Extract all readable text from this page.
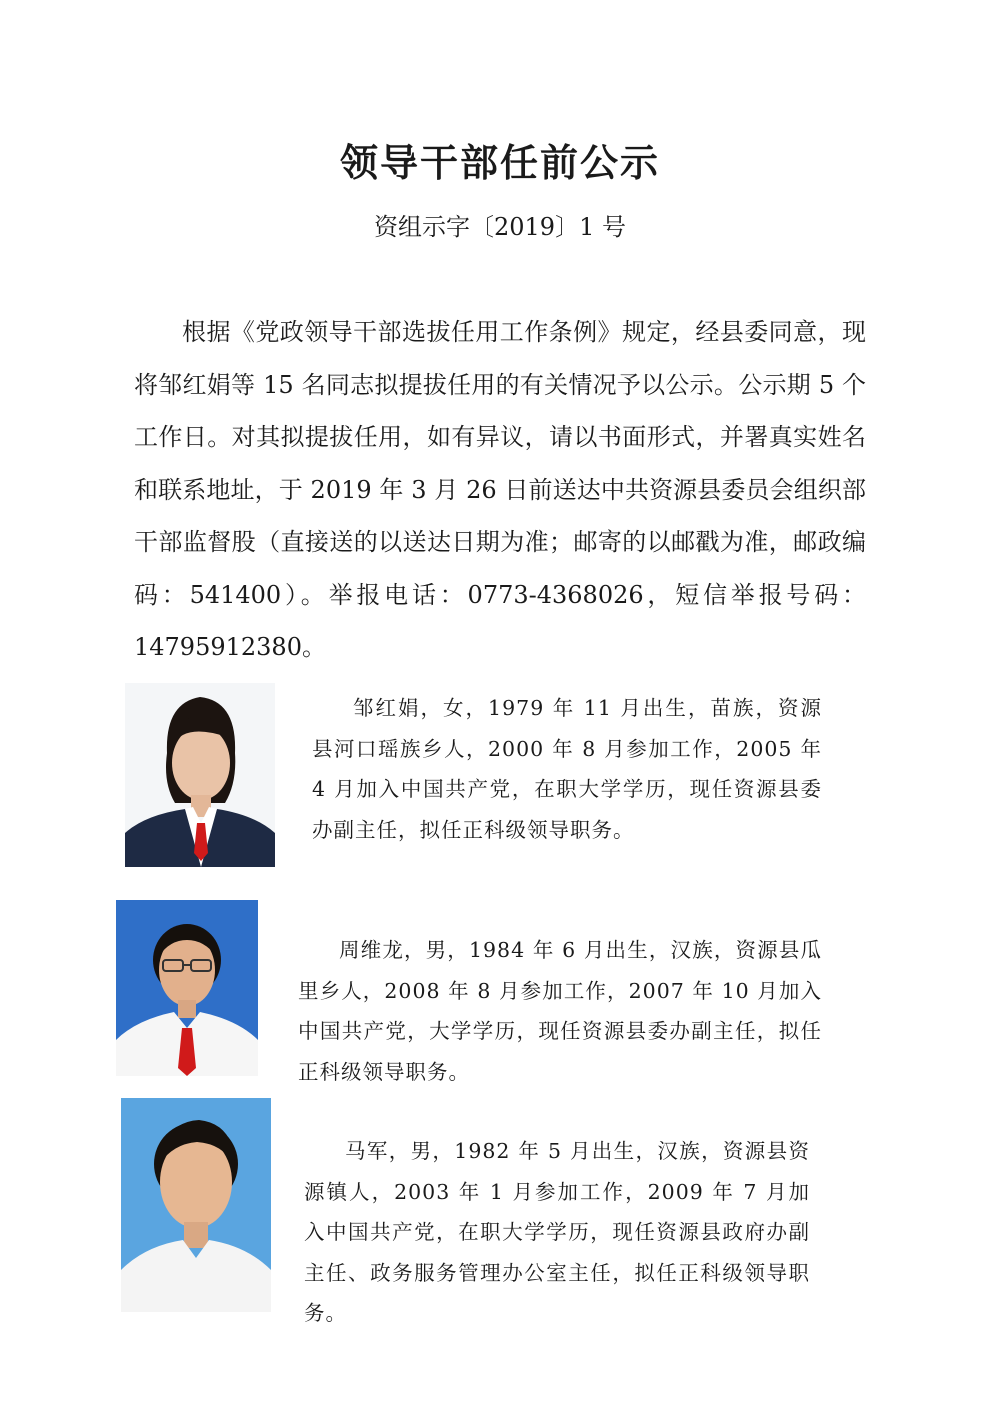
领导干部任前公示
资组示字〔2019〕1 号
根据《党政领导干部选拔任用工作条例》规定，经县委同意，现将邹红娟等 15 名同志拟提拔任用的有关情况予以公示。公示期 5 个工作日。对其拟提拔任用，如有异议，请以书面形式，并署真实姓名和联系地址，于 2019 年 3 月 26 日前送达中共资源县委员会组织部干部监督股（直接送的以送达日期为准；邮寄的以邮戳为准，邮政编码：541400）。举报电话：0773-4368026，短信举报号码：14795912380。
邹红娟，女，1979 年 11 月出生，苗族，资源县河口瑶族乡人，2000 年 8 月参加工作，2005 年 4 月加入中国共产党，在职大学学历，现任资源县委办副主任，拟任正科级领导职务。
周维龙，男，1984 年 6 月出生，汉族，资源县瓜里乡人，2008 年 8 月参加工作，2007 年 10 月加入中国共产党，大学学历，现任资源县委办副主任，拟任正科级领导职务。
马军，男，1982 年 5 月出生，汉族，资源县资源镇人，2003 年 1 月参加工作，2009 年 7 月加入中国共产党，在职大学学历，现任资源县政府办副主任、政务服务管理办公室主任，拟任正科级领导职务。
